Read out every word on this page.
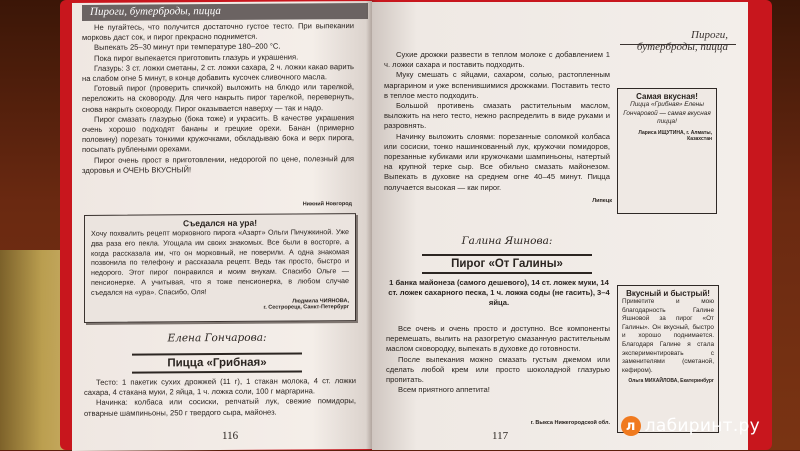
Пироги, бутерброды, пицца

Не пугайтесь, что получится достаточно густое тесто. При выпекании морковь даст сок, и пирог прекрасно поднимется.

Выпекать 25–30 минут при температуре 180–200 °C.

Пока пирог выпекается приготовить глазурь и украшения.

Глазурь: 3 ст. ложки сметаны, 2 ст. ложки сахара, 2 ч. ложки какао варить на слабом огне 5 минут, в конце добавить кусочек сливочного масла.

Готовый пирог (проверить спичкой) выложить на блюдо или тарелкой, переложить на сковороду. Для чего накрыть пирог тарелкой, перевернуть, снова накрыть сковороду. Пирог оказывается наверху — так и надо.

Пирог смазать глазурью (бока тоже) и украсить. В качестве украшения очень хорошо подходят бананы и грецкие орехи. Банан (примерно половину) порезать тонкими кружочками, обкладываю бока и верх пирога, посыпать рублеными орехами.

Пирог очень прост в приготовлении, недорогой по цене, полезный для здоровья и ОЧЕНЬ ВКУСНЫЙ!

Нижний Новгород
Съедался на ура!
Хочу похвалить рецепт морковного пирога «Азарт» Ольги Пичужкиной. Уже два раза его пекла. Угощала им своих знакомых. Все были в восторге, а когда рассказала им, что он морковный, не поверили. А одна знакомая позвонила по телефону и рассказала рецепт. Ведь так просто, быстро и недорого. Этот пирог понравился и моим внукам. Спасибо Ольге — пенсионерке. А учитывая, что я тоже пенсионерка, в любом случае съедался на «ура». Спасибо, Оля!
Людмила ЧИЯНОВА,
г. Сестрорецк, Санкт-Петербург
Елена Гончарова:
Пицца «Грибная»

Тесто: 1 пакетик сухих дрожжей (11 г), 1 стакан молока, 4 ст. ложки сахара, 4 стакана муки, 2 яйца, 1 ч. ложка соли, 100 г маргарина.

Начинка: колбаса или сосиски, репчатый лук, свежие помидоры, отварные шампиньоны, 250 г твердого сыра, майонез.

116
Пироги, бутерброды, пицца

Сухие дрожжи развести в теплом молоке с добавлением 1 ч. ложки сахара и поставить подходить.

Муку смешать с яйцами, сахаром, солью, растопленным маргарином и уже вспенившимися дрожжами. Поставить тесто в теплое место подходить.

Большой противень смазать растительным маслом, выложить на него тесто, нежно распределить в виде руками и разровнять.

Начинку выложить слоями: порезанные соломкой колбаса или сосиски, тонко нашинкованный лук, кружочки помидоров, порезанные кубиками или кружочками шампиньоны, натертый на крупной терке сыр. Все обильно смазать майонезом. Выпекать в духовке на среднем огне 40–45 минут. Пицца получается высокая — как пирог.

Липецк
Самая вкусная!
Пицца «Грибная» Елены Гончаровой — самая вкусная пицца!
Лариса ИЩУТИНА, г. Алматы, Казахстан
Галина Яшнова:
Пирог «От Галины»
1 банка майонеза (самого дешевого), 14 ст. ложек муки, 14 ст. ложек сахарного песка, 1 ч. ложка соды (не гасить), 3–4 яйца.

Все очень и очень просто и доступно. Все компоненты перемешать, вылить на разогретую смазанную растительным маслом сковородку, выпекать в духовке до готовности.

После выпекания можно смазать густым джемом или сделать любой крем или просто шоколадной глазурью пропитать.

Всем приятного аппетита!

г. Выкса Нижегородской обл.
Вкусный и быстрый!
Приметите и мою благодарность Галине Яшновой за пирог «От Галины». Он вкусный, быстро и хорошо поднимается. Благодаря Галине я стала экспериментировать с заменителями (сметаной, кефиром).
Ольга МИХАЙЛОВА, Екатеринбург
117
л лабиринт.ру
